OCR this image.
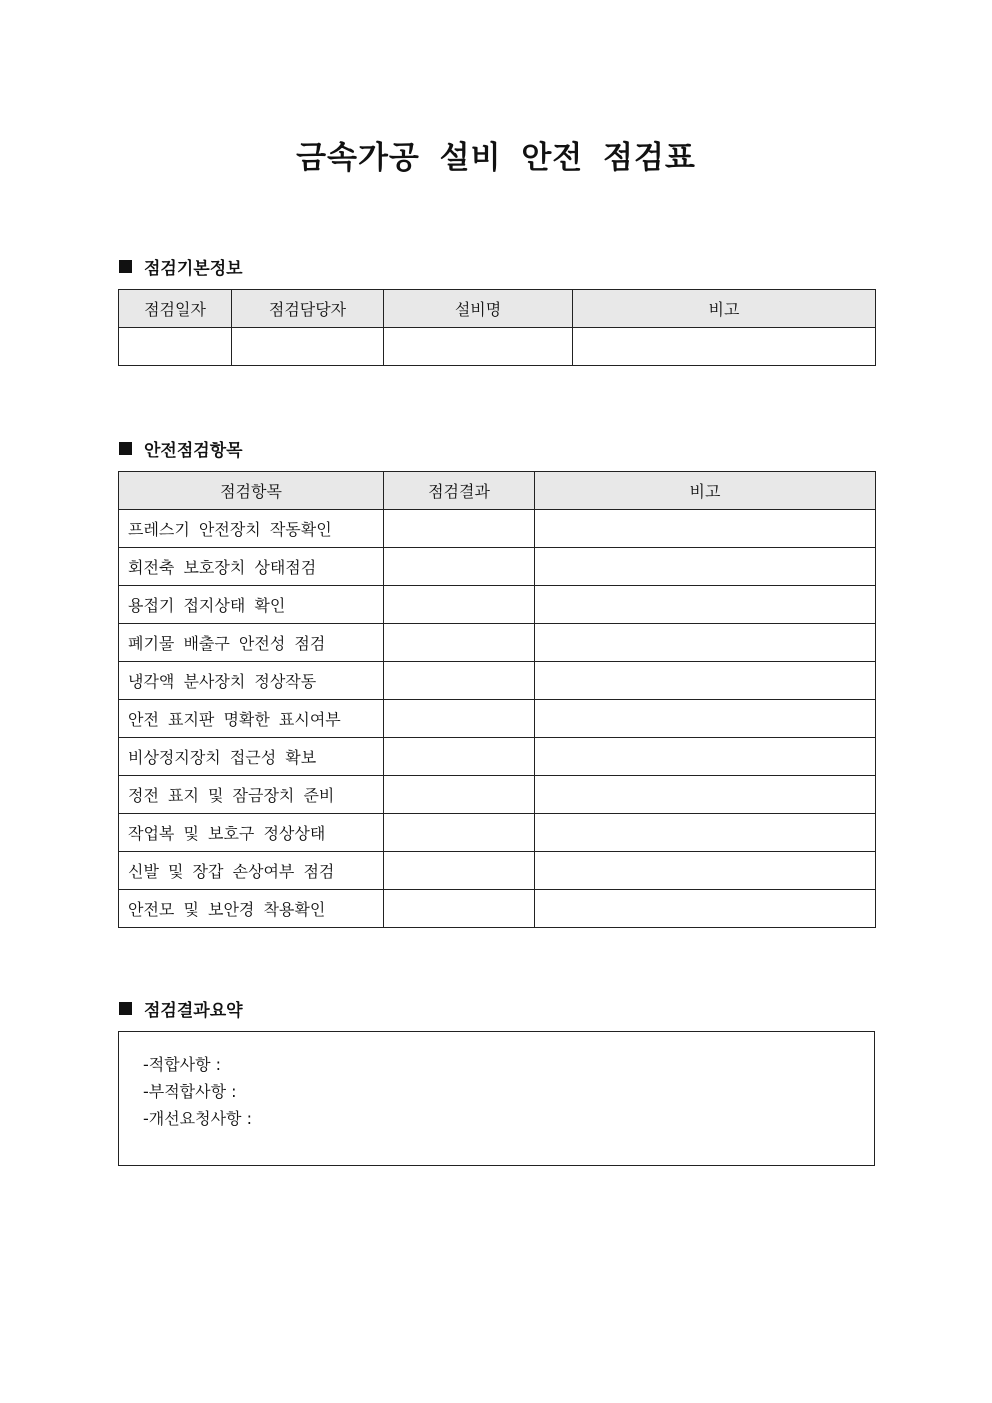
금속가공 설비 안전 점검표
점검기본정보
점검일자	점검담당자	설비명	비고

안전점검항목
점검항목	점검결과	비고
프레스기 안전장치 작동확인		
회전축 보호장치 상태점검		
용접기 접지상태 확인		
폐기물 배출구 안전성 점검		
냉각액 분사장치 정상작동		
안전 표지판 명확한 표시여부		
비상정지장치 접근성 확보		
정전 표지 및 잠금장치 준비		
작업복 및 보호구 정상상태		
신발 및 장갑 손상여부 점검		
안전모 및 보안경 착용확인		
점검결과요약
-적합사항 :
-부적합사항 :
-개선요청사항 :
